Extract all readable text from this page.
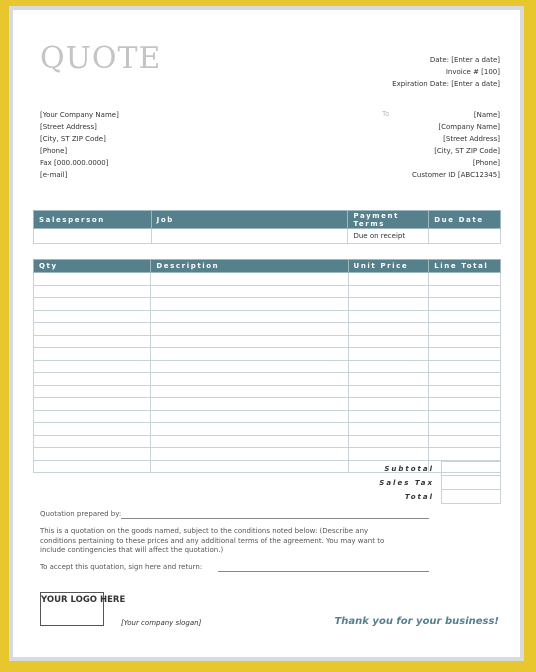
QUOTE	Date: [Enter a date]
Invoice # [100]
Expiration Date: [Enter a date]
[Your Company Name]
[Street Address]
[City, ST ZIP Code]
[Phone]
Fax [000.000.0000]
[e-mail]
To	[Name]
[Company Name]
[Street Address]
[City, ST ZIP Code]
[Phone]
Customer ID [ABC12345]
Salesperson	Job	Payment Terms	Due Date
		Due on receipt	
Qty	Description	Unit Price	Line Total

Subtotal	
Sales Tax	
Total	
Quotation prepared by:
This is a quotation on the goods named, subject to the conditions noted below: (Describe any conditions pertaining to these prices and any additional terms of the agreement. You may want to include contingencies that will affect the quotation.)
To accept this quotation, sign here and return:
YOUR LOGO HERE
[Your company slogan]	Thank you for your business!
